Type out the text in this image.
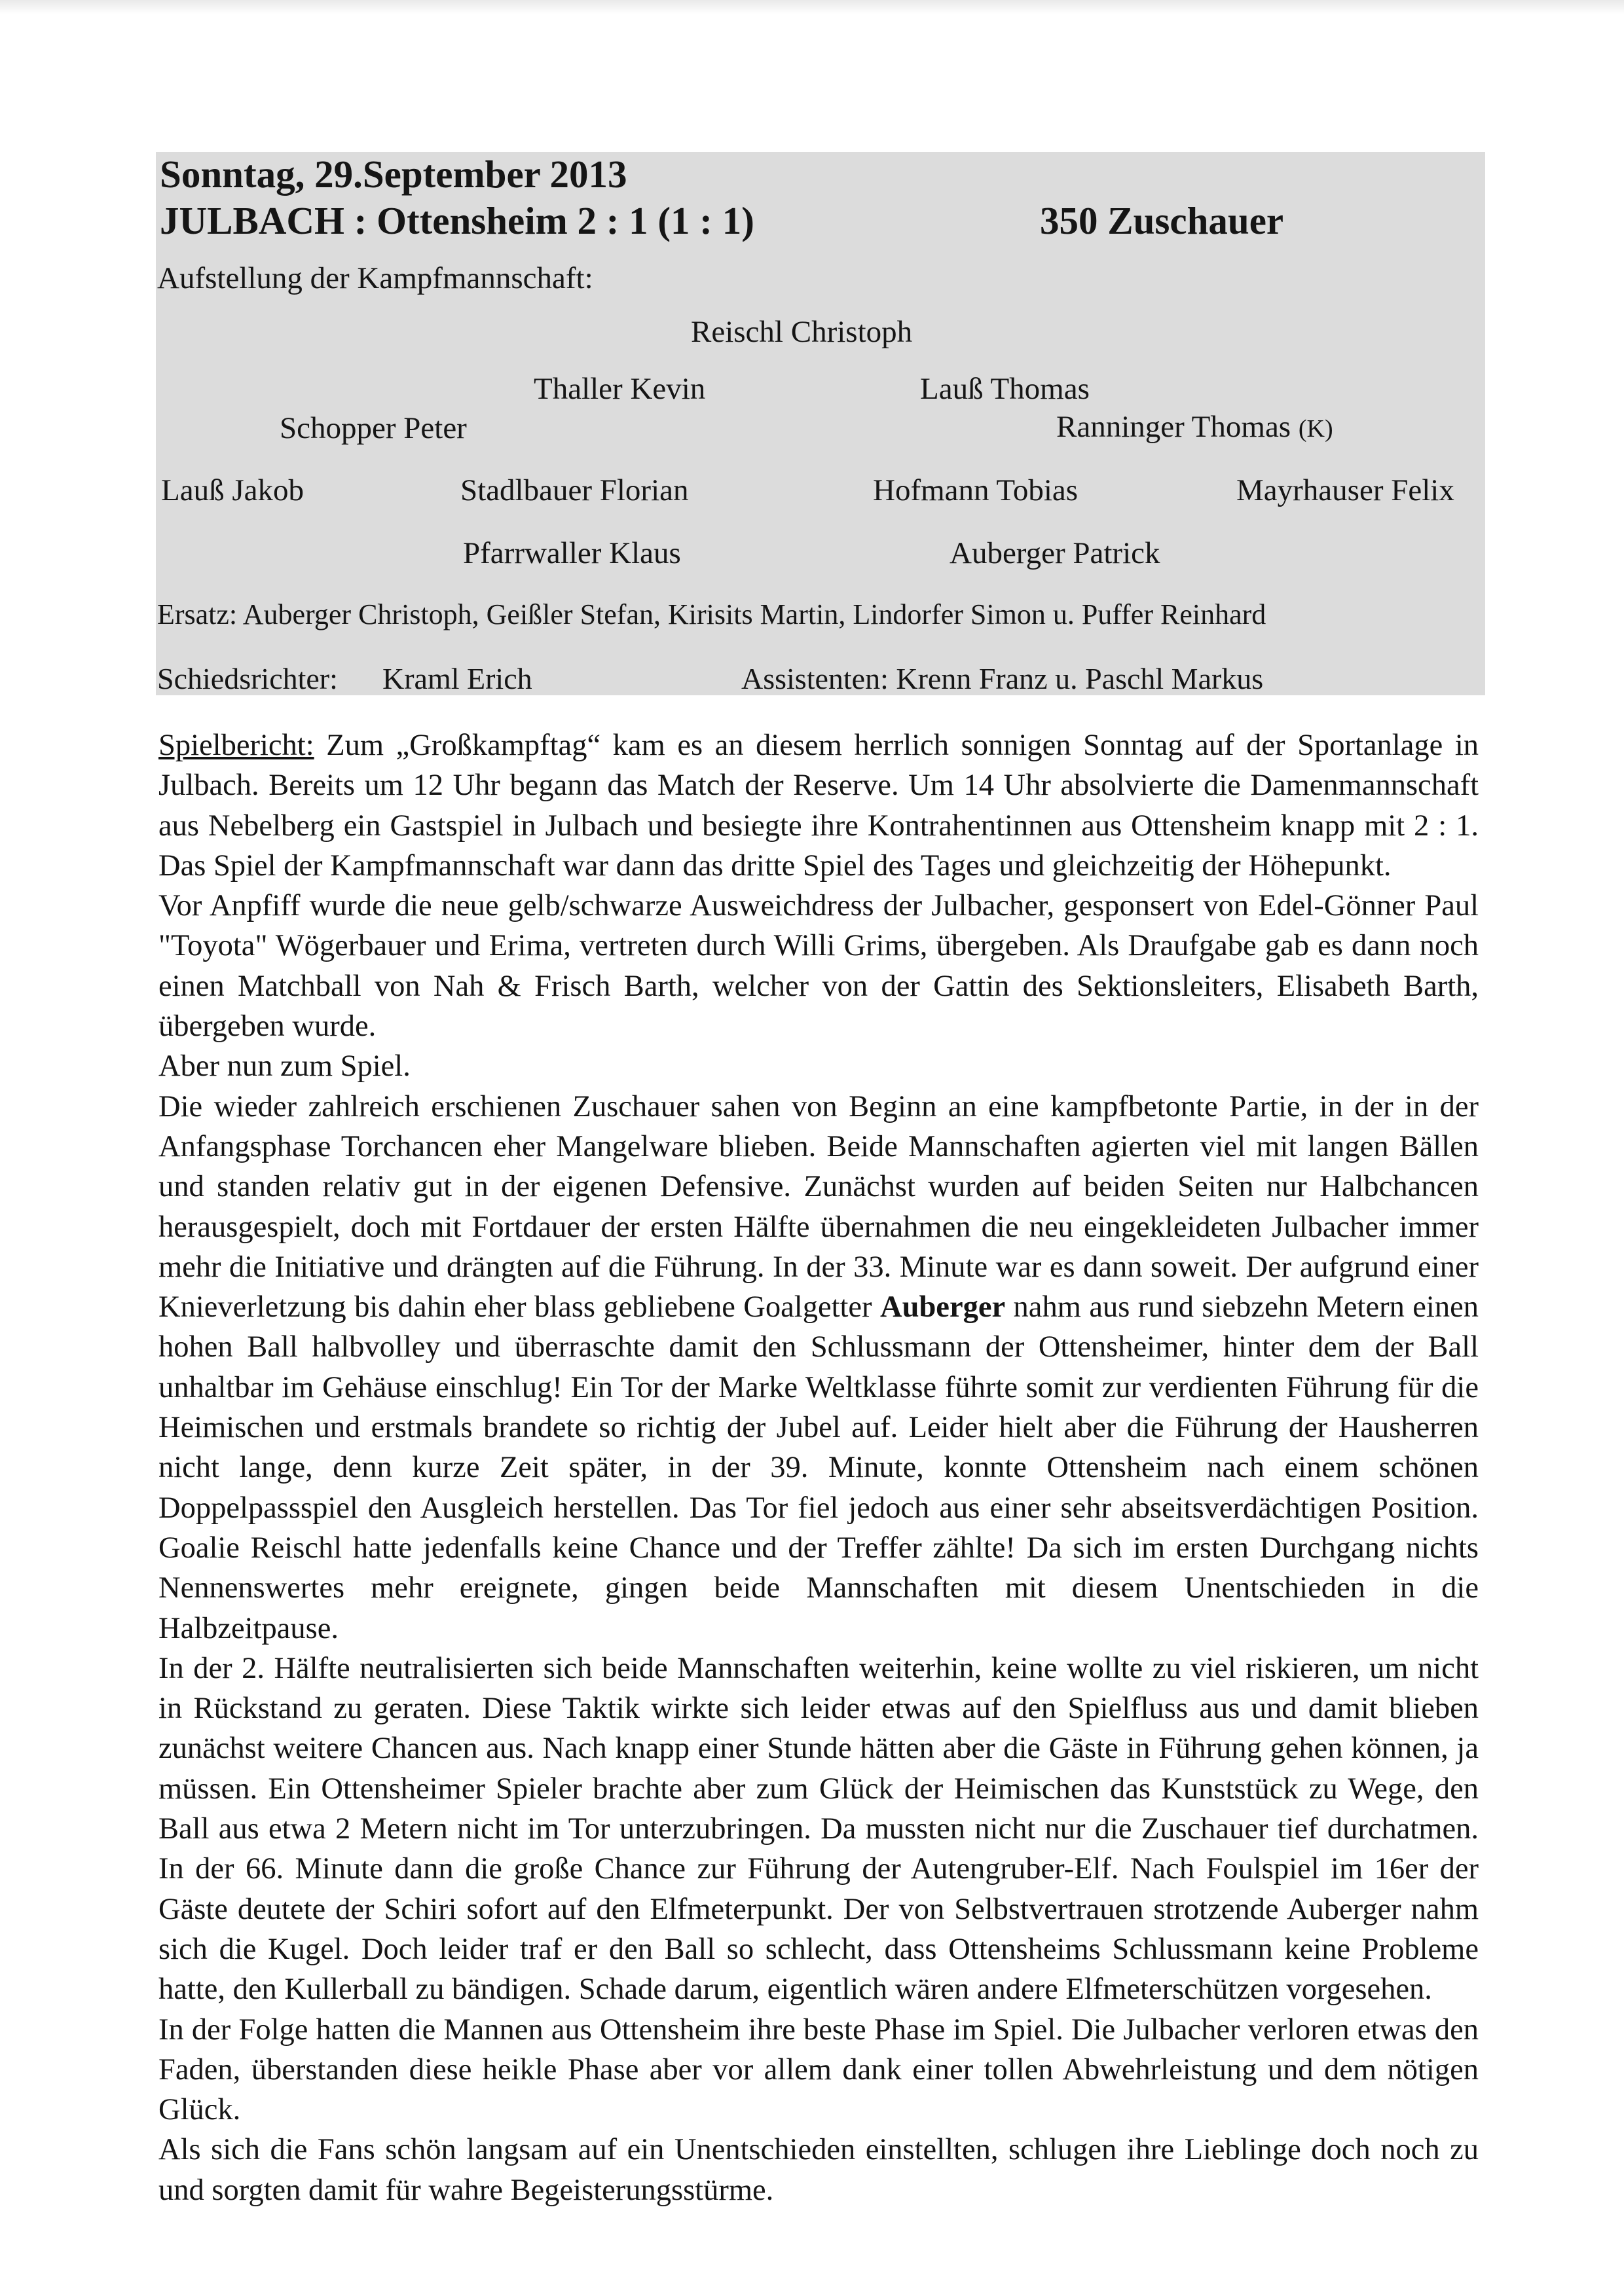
Sonntag, 29.September 2013
JULBACH : Ottensheim 2 : 1 (1 : 1)	350 Zuschauer
Aufstellung der Kampfmannschaft:
Reischl Christoph
Thaller Kevin	Lauß Thomas
Schopper Peter	Ranninger Thomas (K)
Lauß Jakob	Stadlbauer Florian	Hofmann Tobias	Mayrhauser Felix
Pfarrwaller Klaus	Auberger Patrick
Ersatz: Auberger Christoph, Geißler Stefan, Kirisits Martin, Lindorfer Simon u. Puffer Reinhard
Schiedsrichter: Kraml Erich	Assistenten: Krenn Franz u. Paschl Markus

Spielbericht: Zum „Großkampftag“ kam es an diesem herrlich sonnigen Sonntag auf der Sportanlage in Julbach. Bereits um 12 Uhr begann das Match der Reserve. Um 14 Uhr absolvierte die Damenmannschaft aus Nebelberg ein Gastspiel in Julbach und besiegte ihre Kontrahentinnen aus Ottensheim knapp mit 2 : 1. Das Spiel der Kampfmannschaft war dann das dritte Spiel des Tages und gleichzeitig der Höhepunkt.

Vor Anpfiff wurde die neue gelb/schwarze Ausweichdress der Julbacher, gesponsert von Edel-Gönner Paul "Toyota" Wögerbauer und Erima, vertreten durch Willi Grims, übergeben. Als Draufgabe gab es dann noch einen Matchball von Nah & Frisch Barth, welcher von der Gattin des Sektionsleiters, Elisabeth Barth, übergeben wurde.

Aber nun zum Spiel.

Die wieder zahlreich erschienen Zuschauer sahen von Beginn an eine kampfbetonte Partie, in der in der Anfangsphase Torchancen eher Mangelware blieben. Beide Mannschaften agierten viel mit langen Bällen und standen relativ gut in der eigenen Defensive. Zunächst wurden auf beiden Seiten nur Halbchancen herausgespielt, doch mit Fortdauer der ersten Hälfte übernahmen die neu eingekleideten Julbacher immer mehr die Initiative und drängten auf die Führung. In der 33. Minute war es dann soweit. Der aufgrund einer Knieverletzung bis dahin eher blass gebliebene Goalgetter Auberger nahm aus rund siebzehn Metern einen hohen Ball halbvolley und überraschte damit den Schlussmann der Ottensheimer, hinter dem der Ball unhaltbar im Gehäuse einschlug! Ein Tor der Marke Weltklasse führte somit zur verdienten Führung für die Heimischen und erstmals brandete so richtig der Jubel auf. Leider hielt aber die Führung der Hausherren nicht lange, denn kurze Zeit später, in der 39. Minute, konnte Ottensheim nach einem schönen Doppelpassspiel den Ausgleich herstellen. Das Tor fiel jedoch aus einer sehr abseitsverdächtigen Position. Goalie Reischl hatte jedenfalls keine Chance und der Treffer zählte! Da sich im ersten Durchgang nichts Nennenswertes mehr ereignete, gingen beide Mannschaften mit diesem Unentschieden in die Halbzeitpause.

In der 2. Hälfte neutralisierten sich beide Mannschaften weiterhin, keine wollte zu viel riskieren, um nicht in Rückstand zu geraten. Diese Taktik wirkte sich leider etwas auf den Spielfluss aus und damit blieben zunächst weitere Chancen aus. Nach knapp einer Stunde hätten aber die Gäste in Führung gehen können, ja müssen. Ein Ottensheimer Spieler brachte aber zum Glück der Heimischen das Kunststück zu Wege, den Ball aus etwa 2 Metern nicht im Tor unterzubringen. Da mussten nicht nur die Zuschauer tief durchatmen. In der 66. Minute dann die große Chance zur Führung der Autengruber-Elf. Nach Foulspiel im 16er der Gäste deutete der Schiri sofort auf den Elfmeterpunkt. Der von Selbstvertrauen strotzende Auberger nahm sich die Kugel. Doch leider traf er den Ball so schlecht, dass Ottensheims Schlussmann keine Probleme hatte, den Kullerball zu bändigen. Schade darum, eigentlich wären andere Elfmeterschützen vorgesehen.

In der Folge hatten die Mannen aus Ottensheim ihre beste Phase im Spiel. Die Julbacher verloren etwas den Faden, überstanden diese heikle Phase aber vor allem dank einer tollen Abwehrleistung und dem nötigen Glück.

Als sich die Fans schön langsam auf ein Unentschieden einstellten, schlugen ihre Lieblinge doch noch zu und sorgten damit für wahre Begeisterungsstürme.
